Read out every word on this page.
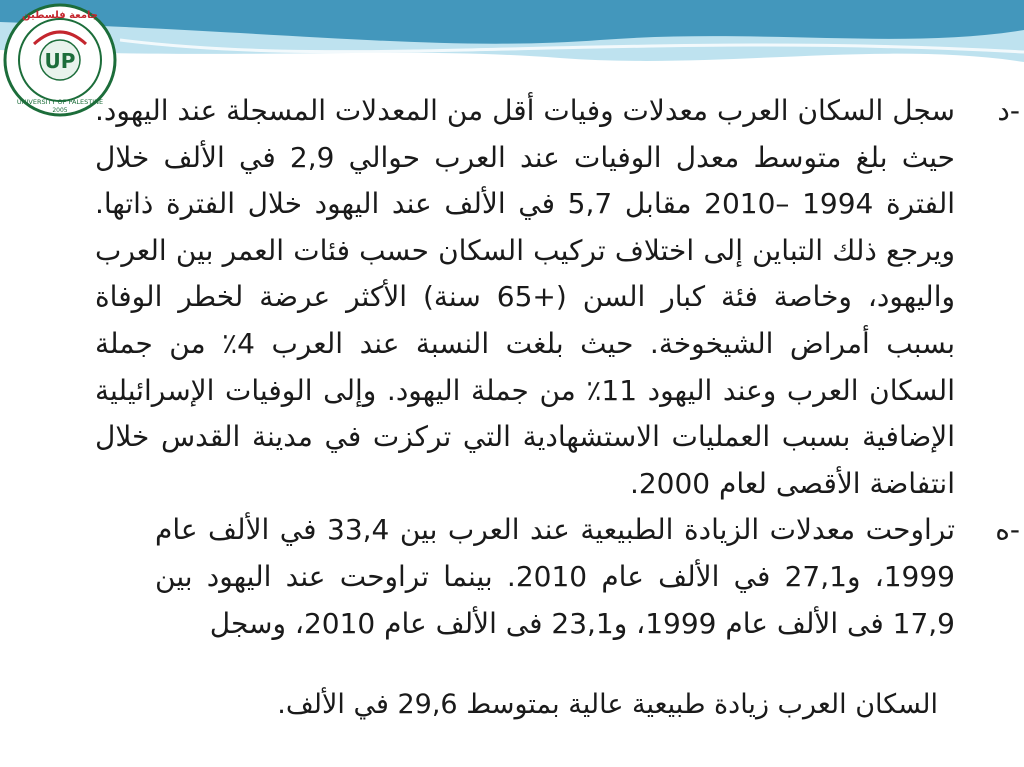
UP
جامعة فلسطين
UNIVERSITY OF PALESTINE
2005	د-
سجل السكان العرب معدلات وفيات أقل من المعدلات المسجلة عند اليهود. حيث بلغ متوسط معدل الوفيات عند العرب حوالي 2,9 في الألف خلال الفترة 1994 –2010 مقابل 5,7 في الألف عند اليهود خلال الفترة ذاتها. ويرجع ذلك التباين إلى اختلاف تركيب السكان حسب فئات العمر بين العرب واليهود، وخاصة فئة كبار السن (+65 سنة) الأكثر عرضة لخطر الوفاة بسبب أمراض الشيخوخة. حيث بلغت النسبة عند العرب 4٪ من جملة السكان العرب وعند اليهود 11٪ من جملة اليهود. وإلى الوفيات الإسرائيلية الإضافية بسبب العمليات الاستشهادية التي تركزت في مدينة القدس خلال انتفاضة الأقصى لعام 2000.
ه-
تراوحت معدلات الزيادة الطبيعية عند العرب بين 33,4 في الألف عام 1999، و27,1 في الألف عام 2010. بينما تراوحت عند اليهود بين 17,9 فى الألف عام 1999، و23,1 فى الألف عام 2010، وسجل
السكان العرب زيادة طبيعية عالية بمتوسط 29,6 في الألف.
